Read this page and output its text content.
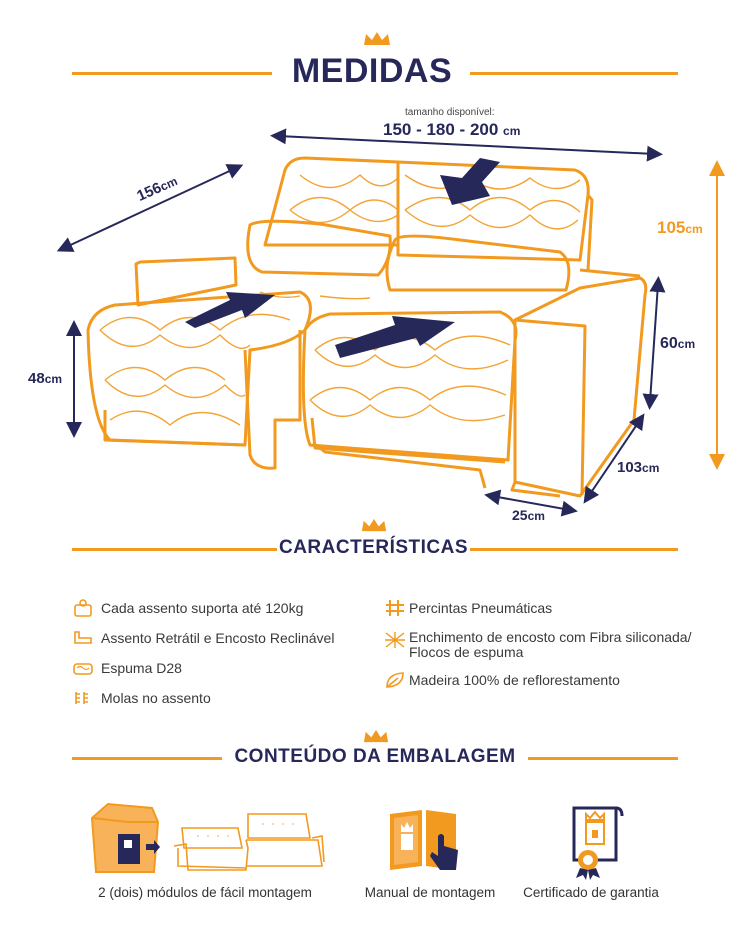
MEDIDAS
tamanho disponível:
150 - 180 - 200 cm
156cm
105cm
48cm
60cm
103cm
25cm
CARACTERÍSTICAS
Cada assento suporta até 120kg
Assento Retrátil e Encosto Reclinável
Espuma D28
Molas no assento
Percintas Pneumáticas
Enchimento de encosto com Fibra siliconada/
Flocos de espuma
Madeira 100% de reflorestamento
CONTEÚDO DA EMBALAGEM
2 (dois) módulos de fácil montagem	Manual de montagem	Certificado de garantia
